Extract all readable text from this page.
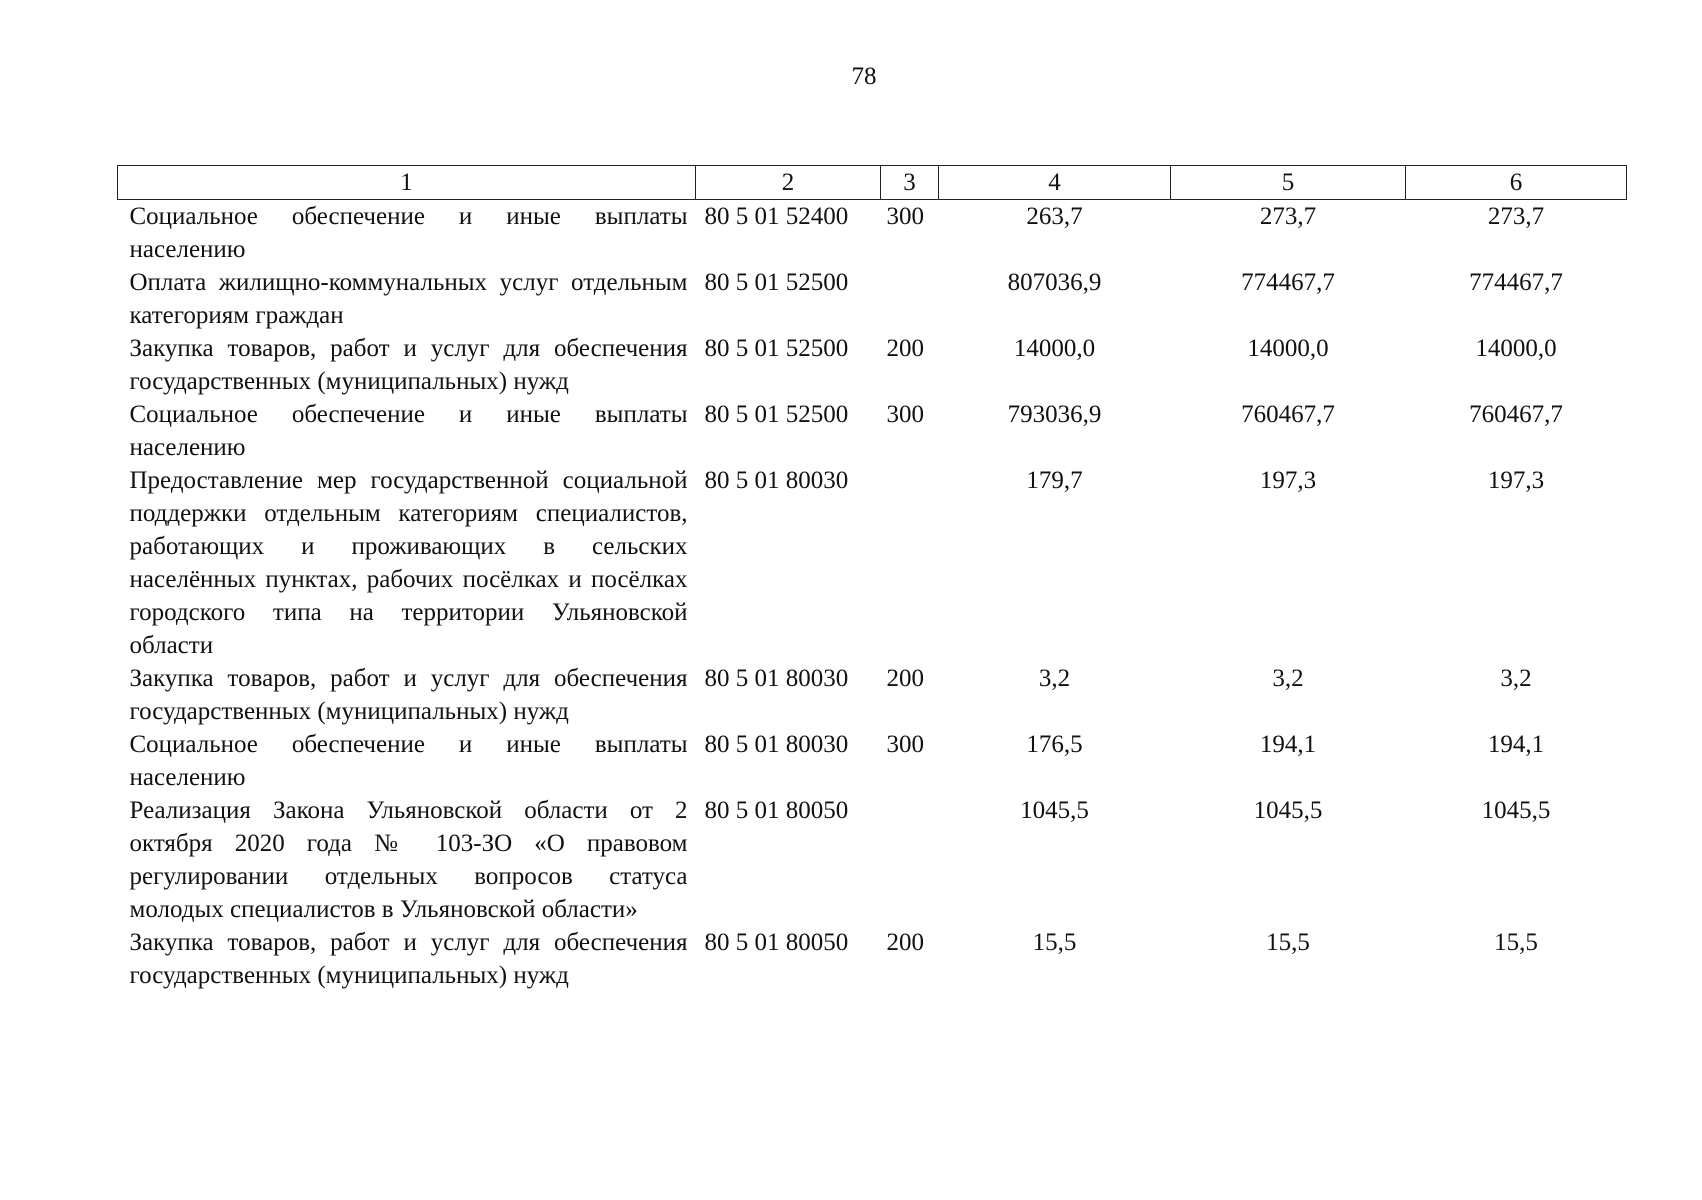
78
1	2	3	4	5	6
Социальное обеспечение и иные выплаты населению	80 5 01 52400	300	263,7	273,7	273,7
Оплата жилищно-коммунальных услуг отдельным категориям граждан	80 5 01 52500		807036,9	774467,7	774467,7
Закупка товаров, работ и услуг для обеспечения государственных (муниципальных) нужд	80 5 01 52500	200	14000,0	14000,0	14000,0
Социальное обеспечение и иные выплаты населению	80 5 01 52500	300	793036,9	760467,7	760467,7
Предоставление мер государственной социальной поддержки отдельным категориям специалистов, работающих и проживающих в сельских населённых пунктах, рабочих посёлках и посёлках городского типа на территории Ульяновской области	80 5 01 80030		179,7	197,3	197,3
Закупка товаров, работ и услуг для обеспечения государственных (муниципальных) нужд	80 5 01 80030	200	3,2	3,2	3,2
Социальное обеспечение и иные выплаты населению	80 5 01 80030	300	176,5	194,1	194,1
Реализация Закона Ульяновской области от 2 октября 2020 года № 103-ЗО «О правовом регулировании отдельных вопросов статуса молодых специалистов в Ульяновской области»	80 5 01 80050		1045,5	1045,5	1045,5
Закупка товаров, работ и услуг для обеспечения государственных (муниципальных) нужд	80 5 01 80050	200	15,5	15,5	15,5
